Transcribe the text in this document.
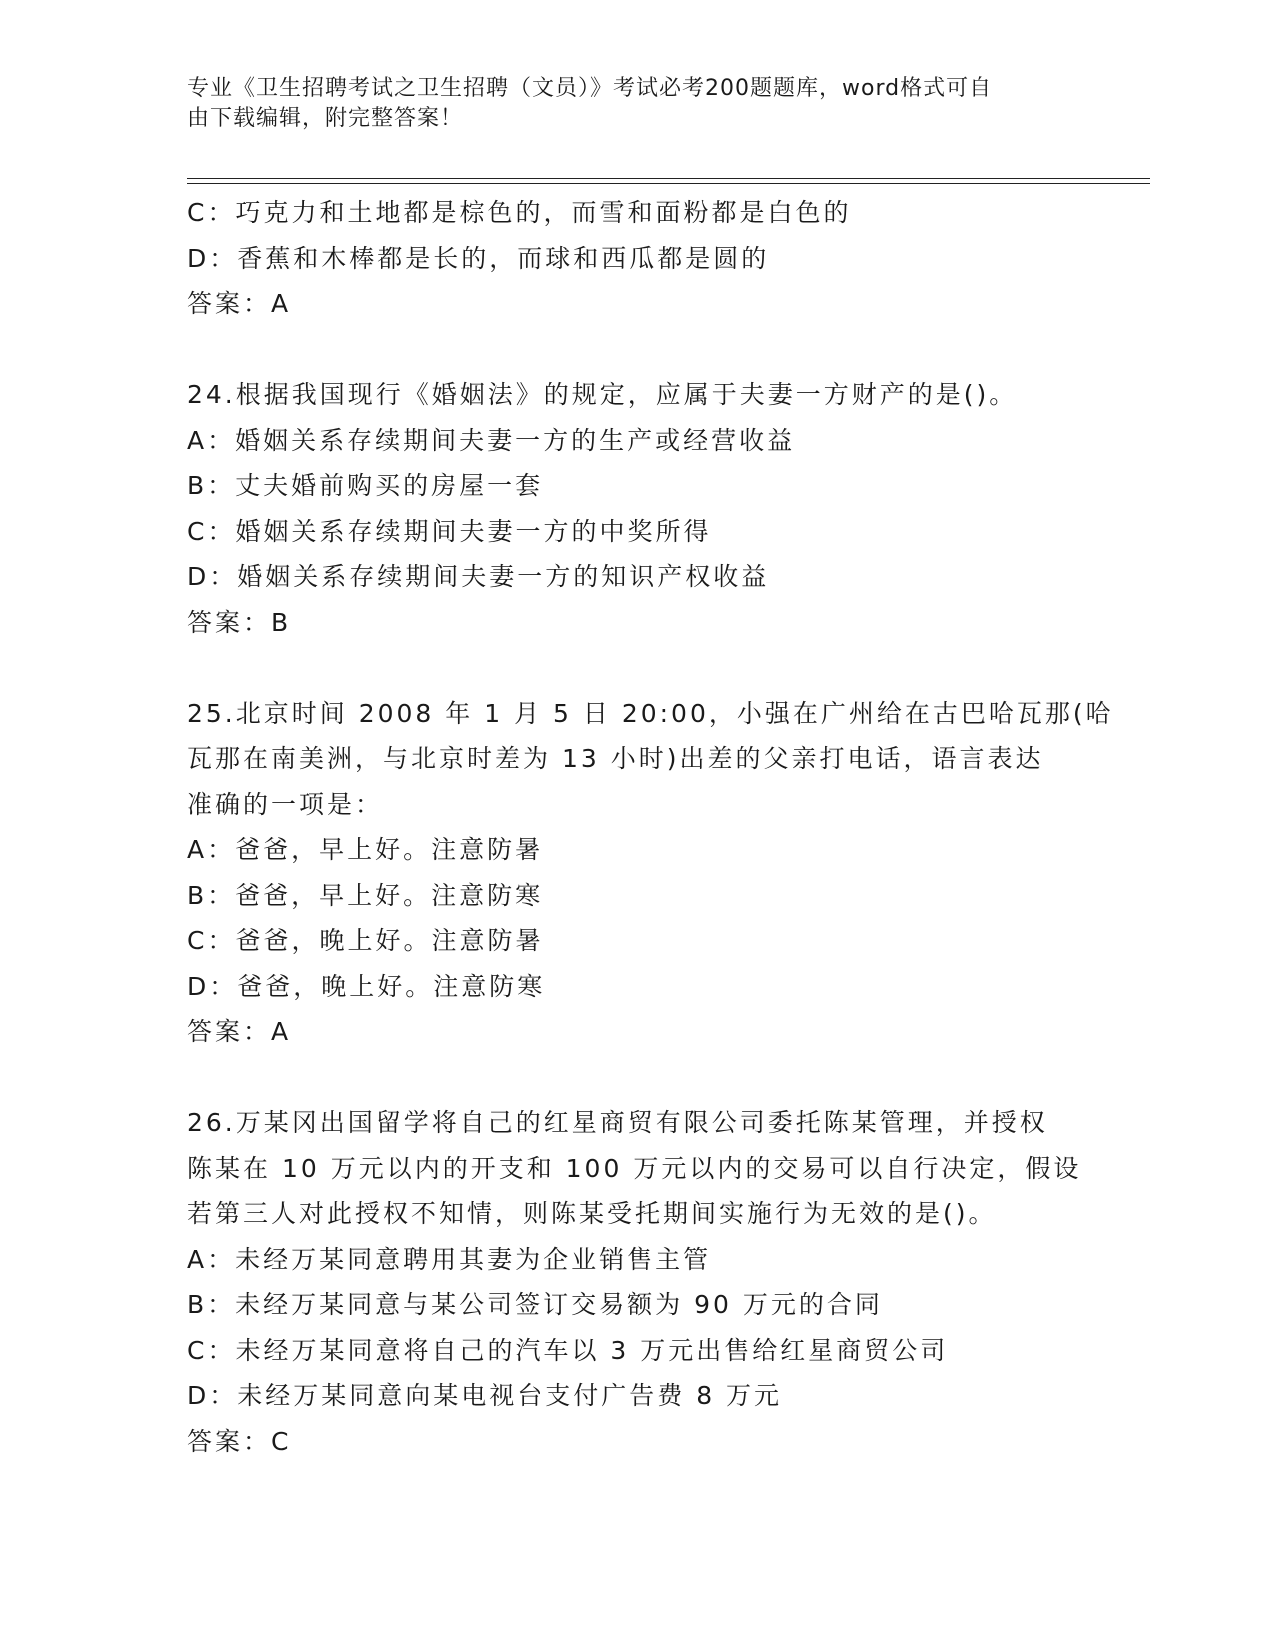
专业《卫生招聘考试之卫生招聘（文员）》考试必考200题题库，word格式可自
由下载编辑，附完整答案！
C：巧克力和土地都是棕色的，而雪和面粉都是白色的
D：香蕉和木棒都是长的，而球和西瓜都是圆的
答案：A
24.根据我国现行《婚姻法》的规定，应属于夫妻一方财产的是()。
A：婚姻关系存续期间夫妻一方的生产或经营收益
B：丈夫婚前购买的房屋一套
C：婚姻关系存续期间夫妻一方的中奖所得
D：婚姻关系存续期间夫妻一方的知识产权收益
答案：B
25.北京时间 2008 年 1 月 5 日 20:00，小强在广州给在古巴哈瓦那(哈
瓦那在南美洲，与北京时差为 13 小时)出差的父亲打电话，语言表达
准确的一项是：
A：爸爸，早上好。注意防暑
B：爸爸，早上好。注意防寒
C：爸爸，晚上好。注意防暑
D：爸爸，晚上好。注意防寒
答案：A
26.万某冈出国留学将自己的红星商贸有限公司委托陈某管理，并授权
陈某在 10 万元以内的开支和 100 万元以内的交易可以自行决定，假设
若第三人对此授权不知情，则陈某受托期间实施行为无效的是()。
A：未经万某同意聘用其妻为企业销售主管
B：未经万某同意与某公司签订交易额为 90 万元的合同
C：未经万某同意将自己的汽车以 3 万元出售给红星商贸公司
D：未经万某同意向某电视台支付广告费 8 万元
答案：C
